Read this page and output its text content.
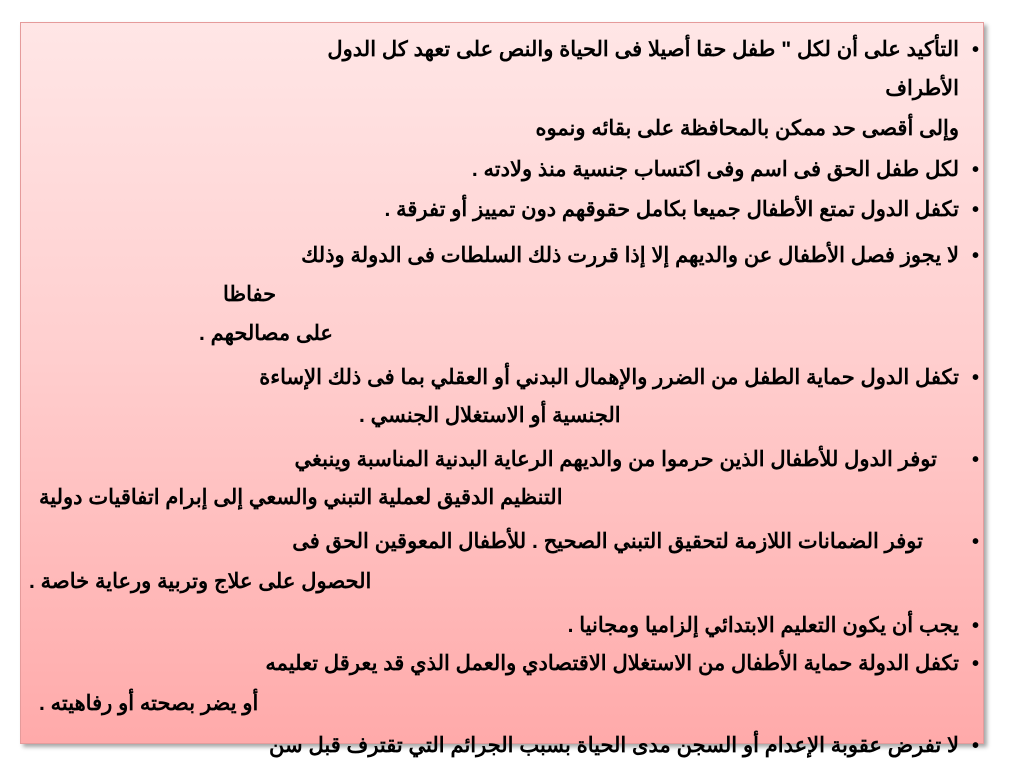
•
التأكيد على أن لكل " طفل حقا أصيلا فى الحياة والنص على تعهد كل الدول
الأطراف
وإلى أقصى حد ممكن بالمحافظة على بقائه ونموه
•
لكل طفل الحق فى اسم وفى اكتساب جنسية منذ ولادته .
•
تكفل الدول تمتع الأطفال جميعا بكامل حقوقهم دون تمييز أو تفرقة .
•
لا يجوز فصل الأطفال عن والديهم إلا إذا قررت ذلك السلطات فى الدولة وذلك
حفاظا
على مصالحهم .
•
تكفل الدول حماية الطفل من الضرر والإهمال البدني أو العقلي بما فى ذلك الإساءة
الجنسية أو الاستغلال الجنسي .
•
توفر الدول للأطفال الذين حرموا من والديهم الرعاية البدنية المناسبة وينبغي
التنظيم الدقيق لعملية التبني والسعي إلى إبرام اتفاقيات دولية
•
توفر الضمانات اللازمة لتحقيق التبني الصحيح . للأطفال المعوقين الحق فى
الحصول على علاج وتربية ورعاية خاصة .
•
يجب أن يكون التعليم الابتدائي إلزاميا ومجانيا .
•
تكفل الدولة حماية الأطفال من الاستغلال الاقتصادي والعمل الذي قد يعرقل تعليمه
أو يضر بصحته أو رفاهيته .
•
لا تفرض عقوبة الإعدام أو السجن مدى الحياة بسبب الجرائم التي تقترف قبل سن
